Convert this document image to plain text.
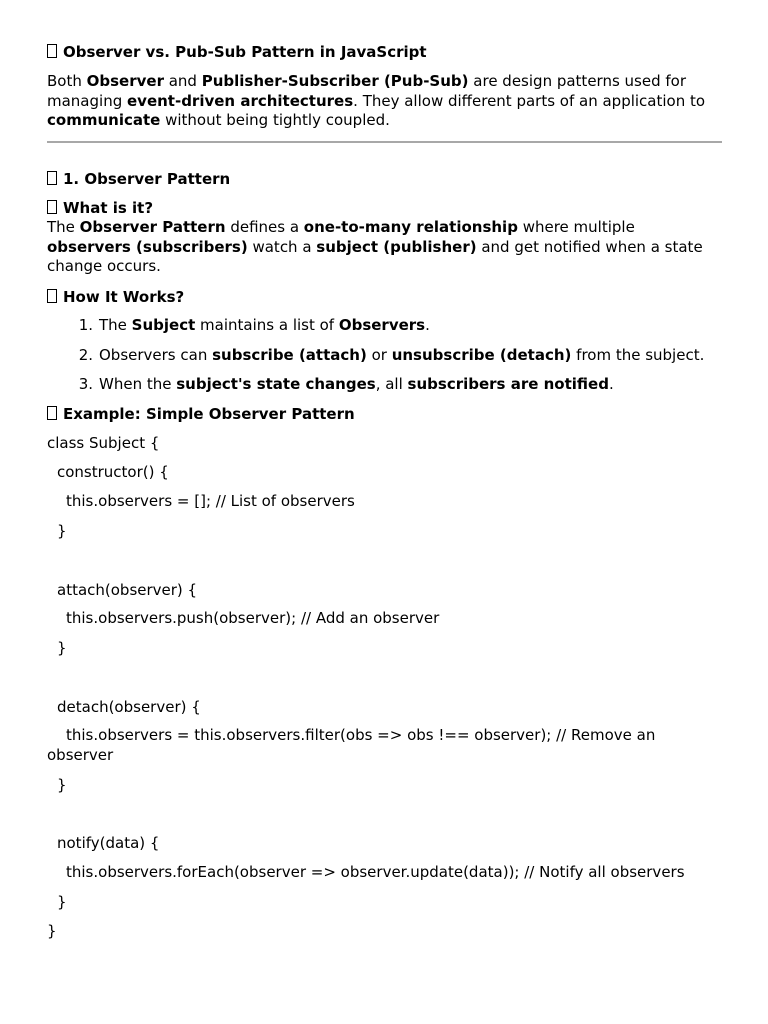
Observer vs. Pub-Sub Pattern in JavaScript
Both Observer and Publisher-Subscriber (Pub-Sub) are design patterns used for managing event-driven architectures. They allow different parts of an application to communicate without being tightly coupled.
1. Observer Pattern
What is it?
The Observer Pattern defines a one-to-many relationship where multiple observers (subscribers) watch a subject (publisher) and get notified when a state change occurs.
How It Works?
1. The Subject maintains a list of Observers.
2. Observers can subscribe (attach) or unsubscribe (detach) from the subject.
3. When the subject's state changes, all subscribers are notified.
Example: Simple Observer Pattern
class Subject {
constructor() {
this.observers = []; // List of observers
}
attach(observer) {
this.observers.push(observer); // Add an observer
}
detach(observer) {
this.observers = this.observers.filter(obs => obs !== observer); // Remove an observer
}
notify(data) {
this.observers.forEach(observer => observer.update(data)); // Notify all observers
}
}
